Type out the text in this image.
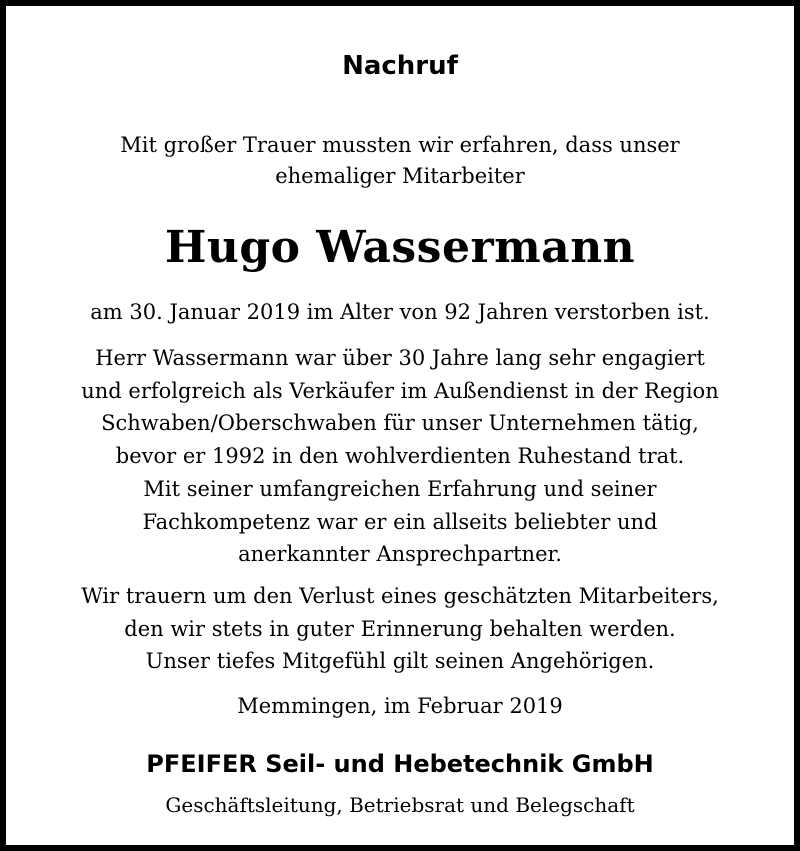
Nachruf
Mit großer Trauer mussten wir erfahren, dass unser
ehemaliger Mitarbeiter
Hugo Wassermann
am 30. Januar 2019 im Alter von 92 Jahren verstorben ist.
Herr Wassermann war über 30 Jahre lang sehr engagiert
und erfolgreich als Verkäufer im Außendienst in der Region
Schwaben/Oberschwaben für unser Unternehmen tätig,
bevor er 1992 in den wohlverdienten Ruhestand trat.
Mit seiner umfangreichen Erfahrung und seiner
Fachkompetenz war er ein allseits beliebter und
anerkannter Ansprechpartner.
Wir trauern um den Verlust eines geschätzten Mitarbeiters,
den wir stets in guter Erinnerung behalten werden.
Unser tiefes Mitgefühl gilt seinen Angehörigen.
Memmingen, im Februar 2019
PFEIFER Seil- und Hebetechnik GmbH
Geschäftsleitung, Betriebsrat und Belegschaft
